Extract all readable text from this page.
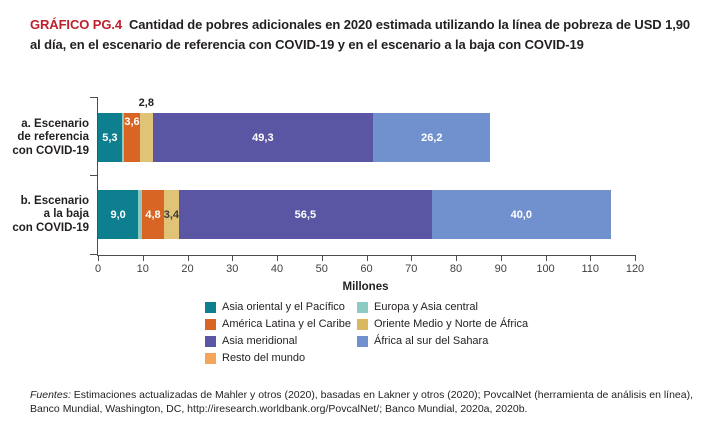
GRÁFICO PG.4 Cantidad de pobres adicionales en 2020 estimada utilizando la línea de pobreza de USD 1,90 al día, en el escenario de referencia con COVID-19 y en el escenario a la baja con COVID-19
a. Escenario
de referencia
con COVID-19
5,3
3,6
2,8
49,3	26,2
b. Escenario
a la baja
con COVID-19
9,0 4,8 3,4	56,5	40,0
0	10	20	30	40	50	60	70	80	90	100 110 120
Millones
Asia oriental y el Pacífico	Europa y Asia central
América Latina y el Caribe Oriente Medio y Norte de África
Asia meridional	África al sur del Sahara
Resto del mundo
Fuentes: Estimaciones actualizadas de Mahler y otros (2020), basadas en Lakner y otros (2020); PovcalNet (herramienta de análisis en línea), Banco Mundial, Washington, DC, http://iresearch.worldbank.org/PovcalNet/; Banco Mundial, 2020a, 2020b.
